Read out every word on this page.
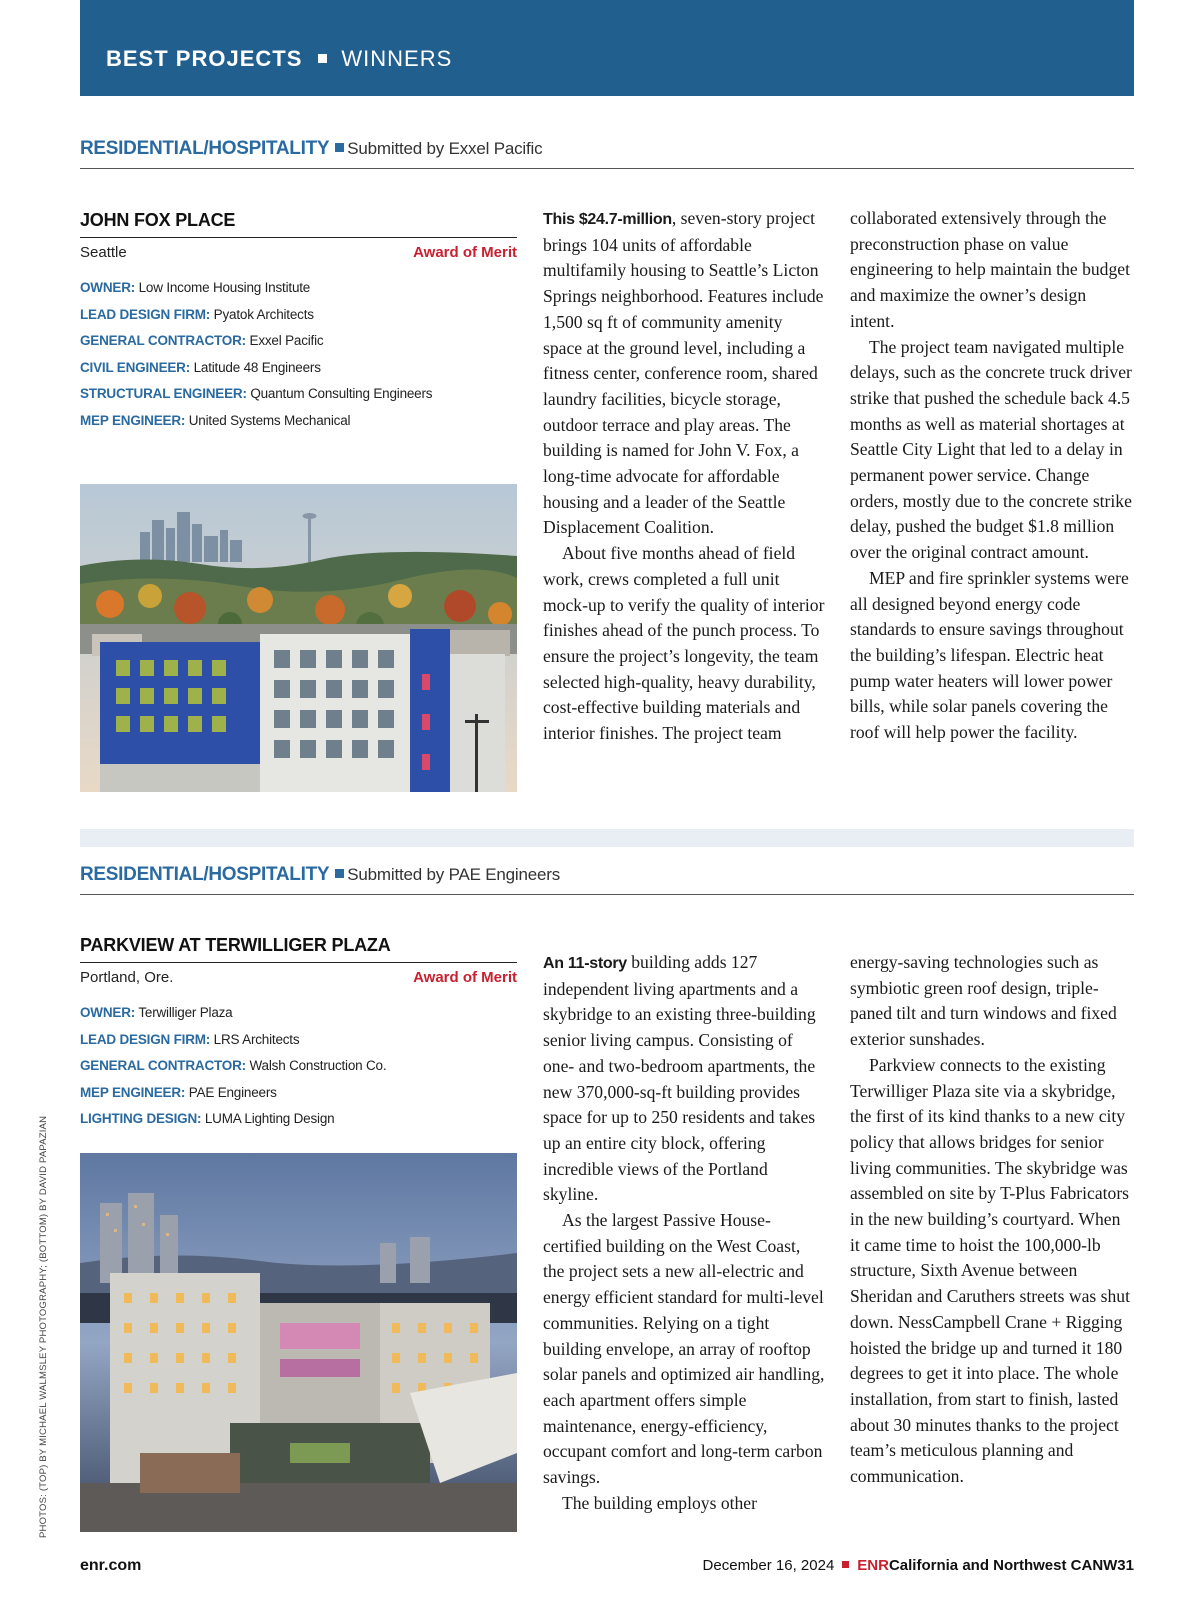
BEST PROJECTS WINNERS
RESIDENTIAL/HOSPITALITY Submitted by Exxel Pacific
JOHN FOX PLACE
Seattle	Award of Merit
OWNER: Low Income Housing Institute
LEAD DESIGN FIRM: Pyatok Architects
GENERAL CONTRACTOR: Exxel Pacific
CIVIL ENGINEER: Latitude 48 Engineers
STRUCTURAL ENGINEER: Quantum Consulting Engineers
MEP ENGINEER: United Systems Mechanical

This $24.7-million, seven-story project brings 104 units of affordable multifamily housing to Seattle’s Licton Springs neighborhood. Features include 1,500 sq ft of community amenity space at the ground level, including a fitness center, conference room, shared laundry facilities, bicycle storage, outdoor terrace and play areas. The building is named for John V. Fox, a long-time advocate for affordable housing and a leader of the Seattle Displacement Coalition.

About five months ahead of field work, crews completed a full unit mock-up to verify the quality of interior finishes ahead of the punch process. To ensure the project’s longevity, the team selected high-quality, heavy durability, cost-effective building materials and interior finishes. The project team

collaborated extensively through the preconstruction phase on value engineering to help maintain the budget and maximize the owner’s design intent.

The project team navigated multiple delays, such as the concrete truck driver strike that pushed the schedule back 4.5 months as well as material shortages at Seattle City Light that led to a delay in permanent power service. Change orders, mostly due to the concrete strike delay, pushed the budget $1.8 million over the original contract amount.

MEP and fire sprinkler systems were all designed beyond energy code standards to ensure savings throughout the building’s lifespan. Electric heat pump water heaters will lower power bills, while solar panels covering the roof will help power the facility.

RESIDENTIAL/HOSPITALITY Submitted by PAE Engineers
PARKVIEW AT TERWILLIGER PLAZA
Portland, Ore.	Award of Merit
OWNER: Terwilliger Plaza
LEAD DESIGN FIRM: LRS Architects
GENERAL CONTRACTOR: Walsh Construction Co.
MEP ENGINEER: PAE Engineers
LIGHTING DESIGN: LUMA Lighting Design

An 11-story building adds 127 independent living apartments and a skybridge to an existing three-building senior living campus. Consisting of one- and two-bedroom apartments, the new 370,000-sq-ft building provides space for up to 250 residents and takes up an entire city block, offering incredible views of the Portland skyline.

As the largest Passive House-certified building on the West Coast, the project sets a new all-electric and energy efficient standard for multi-level communities. Relying on a tight building envelope, an array of rooftop solar panels and optimized air handling, each apartment offers simple maintenance, energy-efficiency, occupant comfort and long-term carbon savings.

The building employs other

energy-saving technologies such as symbiotic green roof design, triple-paned tilt and turn windows and fixed exterior sunshades.

Parkview connects to the existing Terwilliger Plaza site via a skybridge, the first of its kind thanks to a new city policy that allows bridges for senior living communities. The skybridge was assembled on site by T-Plus Fabricators in the new building’s courtyard. When it came time to hoist the 100,000-lb structure, Sixth Avenue between Sheridan and Caruthers streets was shut down. NessCampbell Crane + Rigging hoisted the bridge up and turned it 180 degrees to get it into place. The whole installation, from start to finish, lasted about 30 minutes thanks to the project team’s meticulous planning and communication.

PHOTOS: (TOP) BY MICHAEL WALMSLEY PHOTOGRAPHY; (BOTTOM) BY DAVID PAPAZIAN
enr.com	December 16, 2024 ENRCalifornia and Northwest CANW31
